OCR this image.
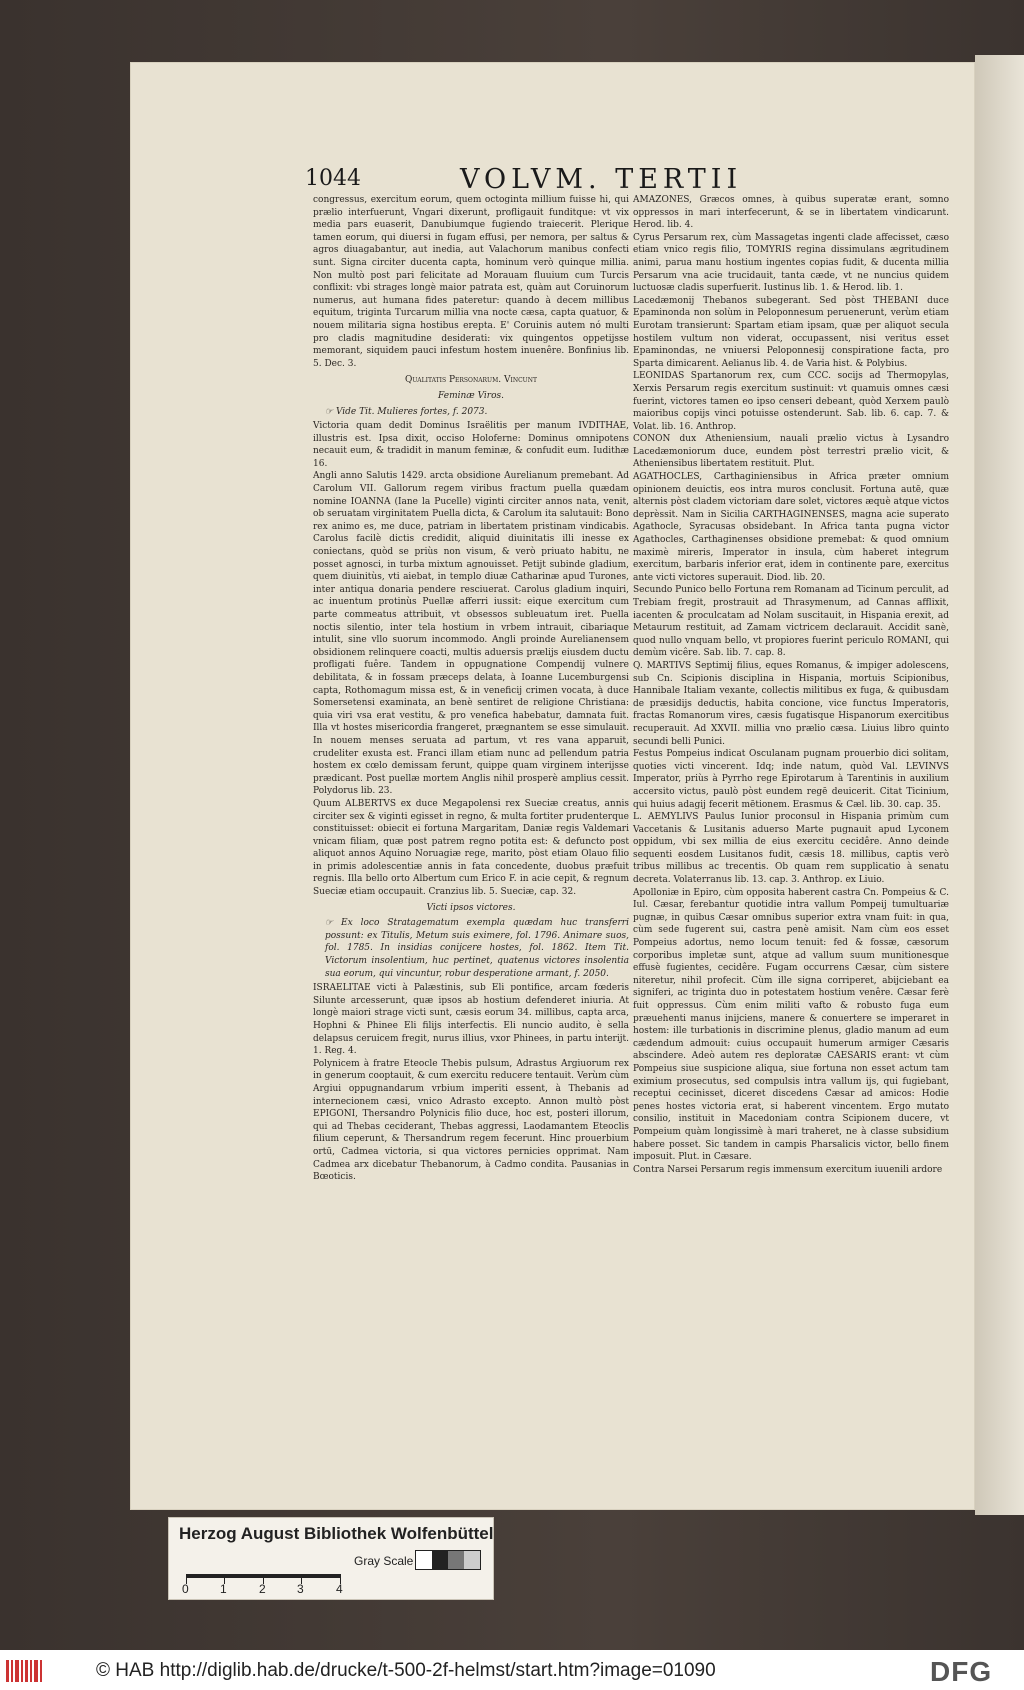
1044	VOLVM. TERTII

congressus, exercitum eorum, quem octoginta millium fuisse hi, qui prælio interfuerunt, Vngari dixerunt, profligauit funditque: vt vix media pars euaserit, Danubiumque fugiendo traiecerit. Plerique tamen eorum, qui diuersi in fugam effusi, per nemora, per saltus & agros diuagabantur, aut inedia, aut Valachorum manibus confecti sunt. Signa circiter ducenta capta, hominum verò quinque millia. Non multò post pari felicitate ad Morauam fluuium cum Turcis conflixit: vbi strages longè maior patrata est, quàm aut Coruinorum numerus, aut humana fides pateretur: quando à decem millibus equitum, triginta Turcarum millia vna nocte cæsa, capta quatuor, & nouem militaria signa hostibus erepta. E' Coruinis autem nó multi pro cladis magnitudine desiderati: vix quingentos oppetijsse memorant, siquidem pauci infestum hostem inuenêre. Bonfinius lib. 5. Dec. 3.

Qualitatis Personarum. Vincunt
Feminæ Viros.
☞ Vide Tit. Mulieres fortes, f. 2073.

Victoria quam dedit Dominus Israëlitis per manum IVDITHAE, illustris est. Ipsa dixit, occiso Holoferne: Dominus omnipotens necauit eum, & tradidit in manum feminæ, & confudit eum. Iudithæ 16.

Angli anno Salutis 1429. arcta obsidione Aurelianum premebant. Ad Carolum VII. Gallorum regem viribus fractum puella quædam nomine IOANNA (Iane la Pucelle) viginti circiter annos nata, venit, ob seruatam virginitatem Puella dicta, & Carolum ita salutauit: Bono rex animo es, me duce, patriam in libertatem pristinam vindicabis. Carolus facilè dictis credidit, aliquid diuinitatis illi inesse ex coniectans, quòd se priùs non visum, & verò priuato habitu, ne posset agnosci, in turba mixtum agnouisset. Petijt subinde gladium, quem diuinitùs, vti aiebat, in templo diuæ Catharinæ apud Turones, inter antiqua donaria pendere resciuerat. Carolus gladium inquiri, ac inuentum protinùs Puellæ afferri iussit: eique exercitum cum parte commeatus attribuit, vt obsessos subleuatum iret. Puella noctis silentio, inter tela hostium in vrbem intrauit, cibariaque intulit, sine vllo suorum incommodo. Angli proinde Aurelianensem obsidionem relinquere coacti, multis aduersis prælijs eiusdem ductu profligati fuêre. Tandem in oppugnatione Compendij vulnere debilitata, & in fossam præceps delata, à Ioanne Lucemburgensi capta, Rothomagum missa est, & in veneficij crimen vocata, à duce Somersetensi examinata, an benè sentiret de religione Christiana: quia viri vsa erat vestitu, & pro venefica habebatur, damnata fuit. Illa vt hostes misericordia frangeret, prægnantem se esse simulauit. In nouem menses seruata ad partum, vt res vana apparuit, crudeliter exusta est. Franci illam etiam nunc ad pellendum patria hostem ex cœlo demissam ferunt, quippe quam virginem interijsse prædicant. Post puellæ mortem Anglis nihil prosperè amplius cessit. Polydorus lib. 23.

Quum ALBERTVS ex duce Megapolensi rex Sueciæ creatus, annis circiter sex & viginti egisset in regno, & multa fortiter prudenterque constituisset: obiecit ei fortuna Margaritam, Daniæ regis Valdemari vnicam filiam, quæ post patrem regno potita est: & defuncto post aliquot annos Aquino Noruagiæ rege, marito, pòst etiam Olauo filio in primis adolescentiæ annis in fata concedente, duobus præfuit regnis. Illa bello orto Albertum cum Erico F. in acie cepit, & regnum Sueciæ etiam occupauit. Cranzius lib. 5. Sueciæ, cap. 32.

Victi ipsos victores.
☞ Ex loco Stratagematum exempla quædam huc transferri possunt: ex Titulis, Metum suis eximere, fol. 1796. Animare suos, fol. 1785. In insidias conijcere hostes, fol. 1862. Item Tit. Victorum insolentium, huc pertinet, quatenus victores insolentia sua eorum, qui vincuntur, robur desperatione armant, f. 2050.

ISRAELITAE victi à Palæstinis, sub Eli pontifice, arcam fœderis Silunte arcesserunt, quæ ipsos ab hostium defenderet iniuria. At longè maiori strage victi sunt, cæsis eorum 34. millibus, capta arca, Hophni & Phinee Eli filijs interfectis. Eli nuncio audito, è sella delapsus ceruicem fregit, nurus illius, vxor Phinees, in partu interijt. 1. Reg. 4.

Polynicem à fratre Eteocle Thebis pulsum, Adrastus Argiuorum rex in generum cooptauit, & cum exercitu reducere tentauit. Verùm cùm Argiui oppugnandarum vrbium imperiti essent, à Thebanis ad internecionem cæsi, vnico Adrasto excepto. Annon multò pòst EPIGONI, Thersandro Polynicis filio duce, hoc est, posteri illorum, qui ad Thebas ceciderant, Thebas aggressi, Laodamantem Eteoclis filium ceperunt, & Thersandrum regem fecerunt. Hinc prouerbium ortū, Cadmea victoria, si qua victores pernicies opprimat. Nam Cadmea arx dicebatur Thebanorum, à Cadmo condita. Pausanias in Bœoticis.

AMAZONES, Græcos omnes, à quibus superatæ erant, somno oppressos in mari interfecerunt, & se in libertatem vindicarunt. Herod. lib. 4.

Cyrus Persarum rex, cùm Massagetas ingenti clade affecisset, cæso etiam vnico regis filio, TOMYRIS regina dissimulans ægritudinem animi, parua manu hostium ingentes copias fudit, & ducenta millia Persarum vna acie trucidauit, tanta cæde, vt ne nuncius quidem luctuosæ cladis superfuerit. Iustinus lib. 1. & Herod. lib. 1.

Lacedæmonij Thebanos subegerant. Sed pòst THEBANI duce Epaminonda non solùm in Peloponnesum peruenerunt, verùm etiam Eurotam transierunt: Spartam etiam ipsam, quæ per aliquot secula hostilem vultum non viderat, occupassent, nisi veritus esset Epaminondas, ne vniuersi Peloponnesij conspiratione facta, pro Sparta dimicarent. Aelianus lib. 4. de Varia hist. & Polybius.

LEONIDAS Spartanorum rex, cum CCC. socijs ad Thermopylas, Xerxis Persarum regis exercitum sustinuit: vt quamuis omnes cæsi fuerint, victores tamen eo ipso censeri debeant, quòd Xerxem paulò maioribus copijs vinci potuisse ostenderunt. Sab. lib. 6. cap. 7. & Volat. lib. 16. Anthrop.

CONON dux Atheniensium, nauali prælio victus à Lysandro Lacedæmoniorum duce, eundem pòst terrestri prælio vicit, & Atheniensibus libertatem restituit. Plut.

AGATHOCLES, Carthaginiensibus in Africa præter omnium opinionem deuictis, eos intra muros conclusit. Fortuna autē, quæ alternis pòst cladem victoriam dare solet, victores æquè atque victos deprèssit. Nam in Sicilia CARTHAGINENSES, magna acie superato Agathocle, Syracusas obsidebant. In Africa tanta pugna victor Agathocles, Carthaginenses obsidione premebat: & quod omnium maximè mireris, Imperator in insula, cùm haberet integrum exercitum, barbaris inferior erat, idem in continente pare, exercitus ante victi victores superauit. Diod. lib. 20.

Secundo Punico bello Fortuna rem Romanam ad Ticinum perculit, ad Trebiam fregit, prostrauit ad Thrasymenum, ad Cannas afflixit, iacenten & proculcatam ad Nolam suscitauit, in Hispania erexit, ad Metaurum restituit, ad Zamam victricem declarauit. Accidit sanè, quod nullo vnquam bello, vt propiores fuerint periculo ROMANI, qui demùm vicêre. Sab. lib. 7. cap. 8.

Q. MARTIVS Septimij filius, eques Romanus, & impiger adolescens, sub Cn. Scipionis disciplina in Hispania, mortuis Scipionibus, Hannibale Italiam vexante, collectis militibus ex fuga, & quibusdam de præsidijs deductis, habita concione, vice functus Imperatoris, fractas Romanorum vires, cæsis fugatisque Hispanorum exercitibus recuperauit. Ad XXVII. millia vno prælio cæsa. Liuius libro quinto secundi belli Punici.

Festus Pompeius indicat Osculanam pugnam prouerbio dici solitam, quoties victi vincerent. Idq; inde natum, quòd Val. LEVINVS Imperator, priùs à Pyrrho rege Epirotarum à Tarentinis in auxilium accersito victus, paulò pòst eundem regē deuicerit. Citat Ticinium, qui huius adagij fecerit mētionem. Erasmus & Cæl. lib. 30. cap. 35.

L. AEMYLIVS Paulus Iunior proconsul in Hispania primùm cum Vaccetanis & Lusitanis aduerso Marte pugnauit apud Lyconem oppidum, vbi sex millia de eius exercitu cecidêre. Anno deinde sequenti eosdem Lusitanos fudit, cæsis 18. millibus, captis verò tribus millibus ac trecentis. Ob quam rem supplicatio à senatu decreta. Volaterranus lib. 13. cap. 3. Anthrop. ex Liuio.

Apolloniæ in Epiro, cùm opposita haberent castra Cn. Pompeius & C. Iul. Cæsar, ferebantur quotidie intra vallum Pompeij tumultuariæ pugnæ, in quibus Cæsar omnibus superior extra vnam fuit: in qua, cùm sede fugerent sui, castra penè amisit. Nam cùm eos esset Pompeius adortus, nemo locum tenuit: fed & fossæ, cæsorum corporibus impletæ sunt, atque ad vallum suum munitionesque effusè fugientes, cecidêre. Fugam occurrens Cæsar, cùm sistere niteretur, nihil profecit. Cùm ille signa corriperet, abijciebant ea signiferi, ac triginta duo in potestatem hostium venêre. Cæsar ferè fuit oppressus. Cùm enim militi vafto & robusto fuga eum præuehenti manus inijciens, manere & conuertere se imperaret in hostem: ille turbationis in discrimine plenus, gladio manum ad eum cædendum admouit: cuius occupauit humerum armiger Cæsaris abscindere. Adeò autem res deploratæ CAESARIS erant: vt cùm Pompeius siue suspicione aliqua, siue fortuna non esset actum tam eximium prosecutus, sed compulsis intra vallum ijs, qui fugiebant, receptui cecinisset, diceret discedens Cæsar ad amicos: Hodie penes hostes victoria erat, si haberent vincentem. Ergo mutato consilio, instituit in Macedoniam contra Scipionem ducere, vt Pompeium quàm longissimè à mari traheret, ne à classe subsidium habere posset. Sic tandem in campis Pharsalicis victor, bello finem imposuit. Plut. in Cæsare.

Contra Narsei Persarum regis immensum exercitum iuuenili ardore

Herzog August Bibliothek Wolfenbüttel
Gray Scale
0	1	2	3	4
© HAB http://diglib.hab.de/drucke/t-500-2f-helmst/start.htm?image=01090	DFG
